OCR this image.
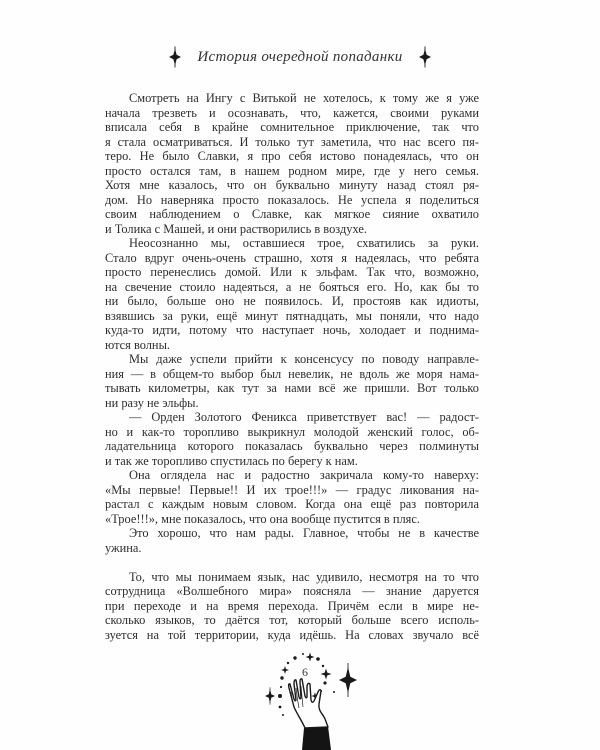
История очередной попаданки
Смотреть на Ингу с Витькой не хотелось, к тому же я уже
начала трезветь и осознавать, что, кажется, своими руками
вписала себя в крайне сомнительное приключение, так что
я стала осматриваться. И только тут заметила, что нас всего пя-
теро. Не было Славки, я про себя истово понадеялась, что он
просто остался там, в нашем родном мире, где у него семья.
Хотя мне казалось, что он буквально минуту назад стоял ря-
дом. Но наверняка просто показалось. Не успела я поделиться
своим наблюдением о Славке, как мягкое сияние охватило
и Толика с Машей, и они растворились в воздухе.
Неосознанно мы, оставшиеся трое, схватились за руки.
Стало вдруг очень-очень страшно, хотя я надеялась, что ребята
просто перенеслись домой. Или к эльфам. Так что, возможно,
на свечение стоило надеяться, а не бояться его. Но, как бы то
ни было, больше оно не появилось. И, простояв как идиоты,
взявшись за руки, ещё минут пятнадцать, мы поняли, что надо
куда-то идти, потому что наступает ночь, холодает и поднима-
ются волны.
Мы даже успели прийти к консенсусу по поводу направле-
ния — в общем-то выбор был невелик, не вдоль же моря нама-
тывать километры, как тут за нами всё же пришли. Вот только
ни разу не эльфы.
— Орден Золотого Феникса приветствует вас! — радост-
но и как-то торопливо выкрикнул молодой женский голос, об-
ладательница которого показалась буквально через полминуты
и так же торопливо спустилась по берегу к нам.
Она оглядела нас и радостно закричала кому-то наверху:
«Мы первые! Первые!! И их трое!!!» — градус ликования на-
растал с каждым новым словом. Когда она ещё раз повторила
«Трое!!!», мне показалось, что она вообще пустится в пляс.
Это хорошо, что нам рады. Главное, чтобы не в качестве
ужина.
То, что мы понимаем язык, нас удивило, несмотря на то что
сотрудница «Волшебного мира» поясняла — знание даруется
при переходе и на время перехода. Причём если в мире не-
сколько языков, то даётся тот, который больше всего исполь-
зуется на той территории, куда идёшь. На словах звучало всё
6
